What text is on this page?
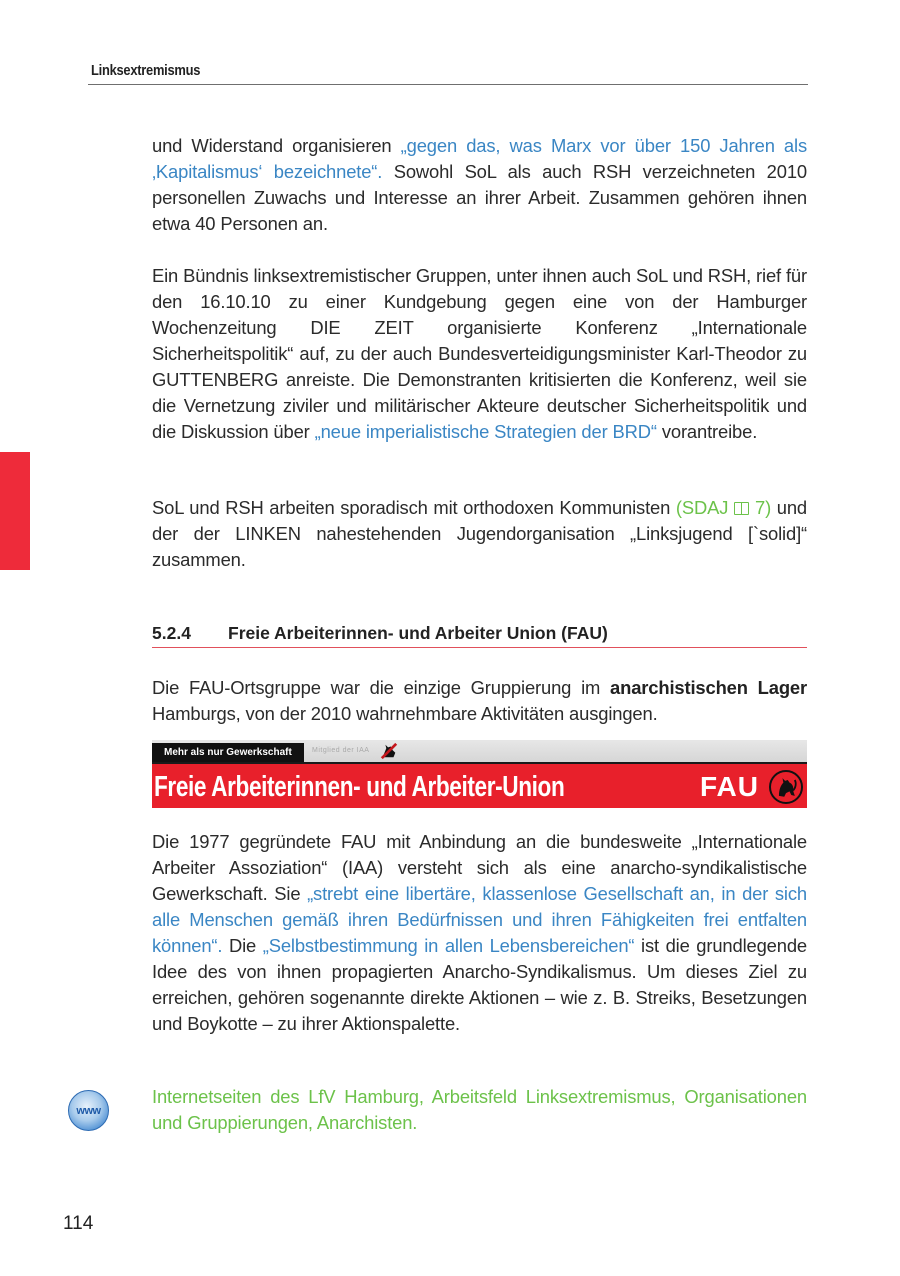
Linksextremismus

und Widerstand organisieren „gegen das, was Marx vor über 150 Jahren als ‚Kapitalismus‘ bezeichnete“. Sowohl SoL als auch RSH verzeichneten 2010 personellen Zuwachs und Interesse an ihrer Arbeit. Zusammen gehören ihnen etwa 40 Personen an.

Ein Bündnis linksextremistischer Gruppen, unter ihnen auch SoL und RSH, rief für den 16.10.10 zu einer Kundgebung gegen eine von der Hamburger Wochenzeitung DIE ZEIT organisierte Konferenz „Internationale Sicherheitspolitik“ auf, zu der auch Bundesverteidigungsminister Karl-Theodor zu GUTTENBERG anreiste. Die Demonstranten kritisierten die Konferenz, weil sie die Vernetzung ziviler und militärischer Akteure deutscher Sicherheitspolitik und die Diskussion über „neue imperialistische Strategien der BRD“ vorantreibe.

SoL und RSH arbeiten sporadisch mit orthodoxen Kommunisten (SDAJ 7) und der der LINKEN nahestehenden Jugendorganisation „Linksjugend [`solid]“ zusammen.

5.2.4	Freie Arbeiterinnen- und Arbeiter Union (FAU)

Die FAU-Ortsgruppe war die einzige Gruppierung im anarchistischen Lager Hamburgs, von der 2010 wahrnehmbare Aktivitäten ausgingen.

Mehr als nur Gewerkschaft	Mitglied der IAA
Freie Arbeiterinnen- und Arbeiter-Union	FAU

Die 1977 gegründete FAU mit Anbindung an die bundesweite „Internationale Arbeiter Assoziation“ (IAA) versteht sich als eine anarcho-syndikalistische Gewerkschaft. Sie „strebt eine libertäre, klassenlose Gesellschaft an, in der sich alle Menschen gemäß ihren Bedürfnissen und ihren Fähigkeiten frei entfalten können“. Die „Selbstbestimmung in allen Lebensbereichen“ ist die grundlegende Idee des von ihnen propagierten Anarcho-Syndikalismus. Um dieses Ziel zu erreichen, gehören sogenannte direkte Aktionen – wie z. B. Streiks, Besetzungen und Boykotte – zu ihrer Aktionspalette.

www
Internetseiten des LfV Hamburg, Arbeitsfeld Linksextremismus, Organisationen und Gruppierungen, Anarchisten.
114
